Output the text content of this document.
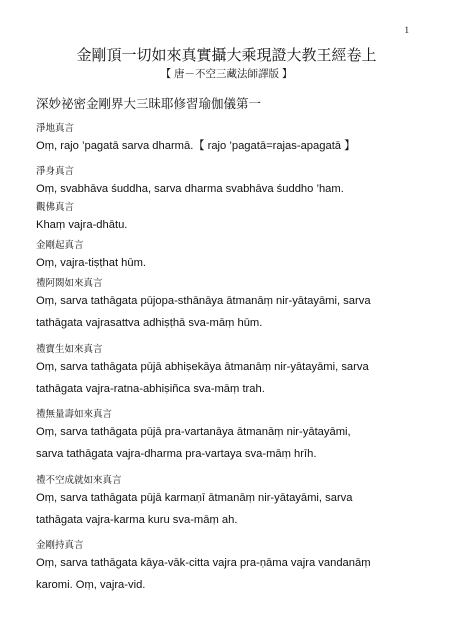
1
金剛頂一切如來真實攝大乘現證大教王經卷上
【 唐－不空三藏法師譯版 】
深妙祕密金剛界大三昧耶修習瑜伽儀第一
淨地真言
Oṃ, rajo ’pagatā sarva dharmā.【 rajo ’pagatā=rajas-apagatā 】
淨身真言
Oṃ, svabhāva śuddha, sarva dharma svabhāva śuddho ’ham.
觀佛真言
Khaṃ vajra-dhātu.
金剛起真言
Oṃ, vajra-tiṣṭhat hūm.
禮阿閦如來真言
Oṃ, sarva tathāgata pūjopa-sthānāya ātmanāṃ nir-yātayāmi, sarva
tathāgata vajrasattva adhiṣṭhā sva-māṃ hūm.
禮寶生如來真言
Oṃ, sarva tathāgata pūjā abhiṣekāya ātmanāṃ nir-yātayāmi, sarva
tathāgata vajra-ratna-abhiṣiñca sva-māṃ trah.
禮無量壽如來真言
Oṃ, sarva tathāgata pūjā pra-vartanāya ātmanāṃ nir-yātayāmi,
sarva tathāgata vajra-dharma pra-vartaya sva-māṃ hrīh.
禮不空成就如來真言
Oṃ, sarva tathāgata pūjā karmaṇī ātmanāṃ nir-yātayāmi, sarva
tathāgata vajra-karma kuru sva-māṃ ah.
金剛持真言
Oṃ, sarva tathāgata kāya-vāk-citta vajra pra-ṇāma vajra vandanāṃ
karomi. Oṃ, vajra-vid.
